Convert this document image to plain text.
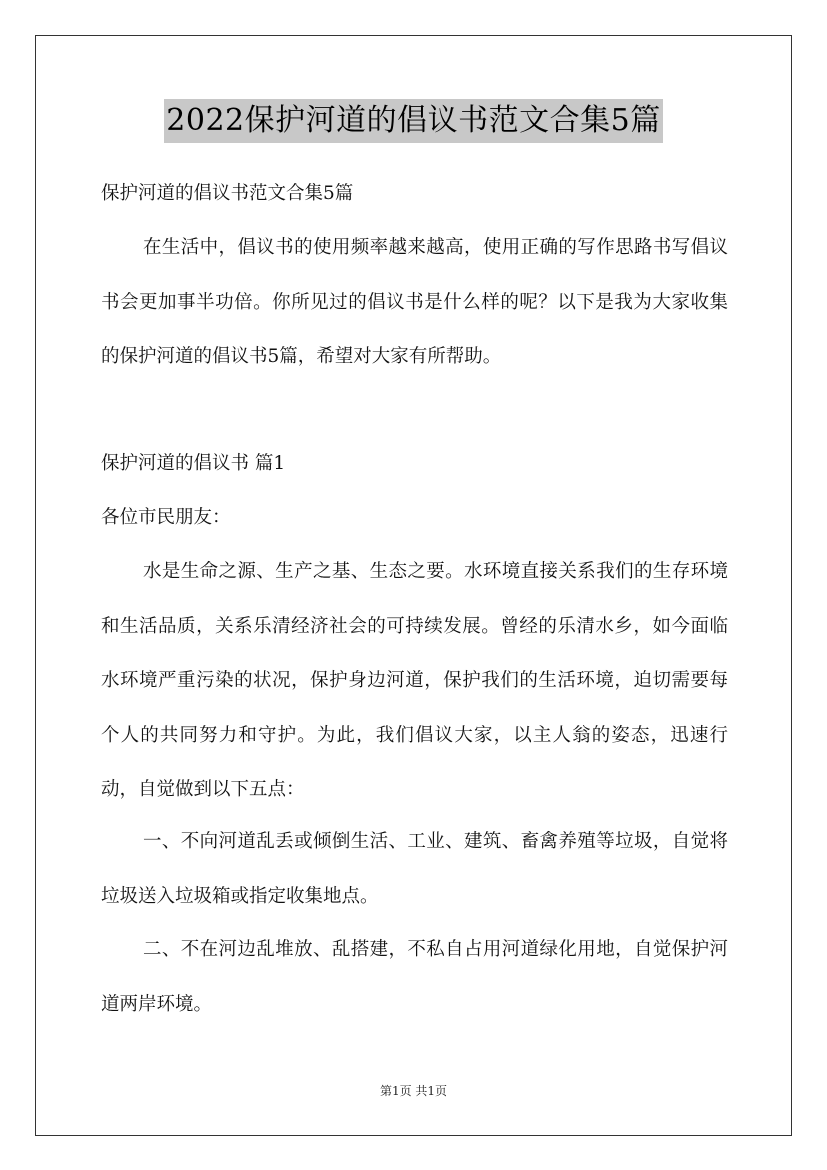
2022保护河道的倡议书范文合集5篇

保护河道的倡议书范文合集5篇

在生活中，倡议书的使用频率越来越高，使用正确的写作思路书写倡议书会更加事半功倍。你所见过的倡议书是什么样的呢？以下是我为大家收集的保护河道的倡议书5篇，希望对大家有所帮助。

保护河道的倡议书 篇1

各位市民朋友：

水是生命之源、生产之基、生态之要。水环境直接关系我们的生存环境和生活品质，关系乐清经济社会的可持续发展。曾经的乐清水乡，如今面临水环境严重污染的状况，保护身边河道，保护我们的生活环境，迫切需要每个人的共同努力和守护。为此，我们倡议大家，以主人翁的姿态，迅速行动，自觉做到以下五点：

一、不向河道乱丢或倾倒生活、工业、建筑、畜禽养殖等垃圾，自觉将垃圾送入垃圾箱或指定收集地点。

二、不在河边乱堆放、乱搭建，不私自占用河道绿化用地，自觉保护河道两岸环境。

第1页 共1页
